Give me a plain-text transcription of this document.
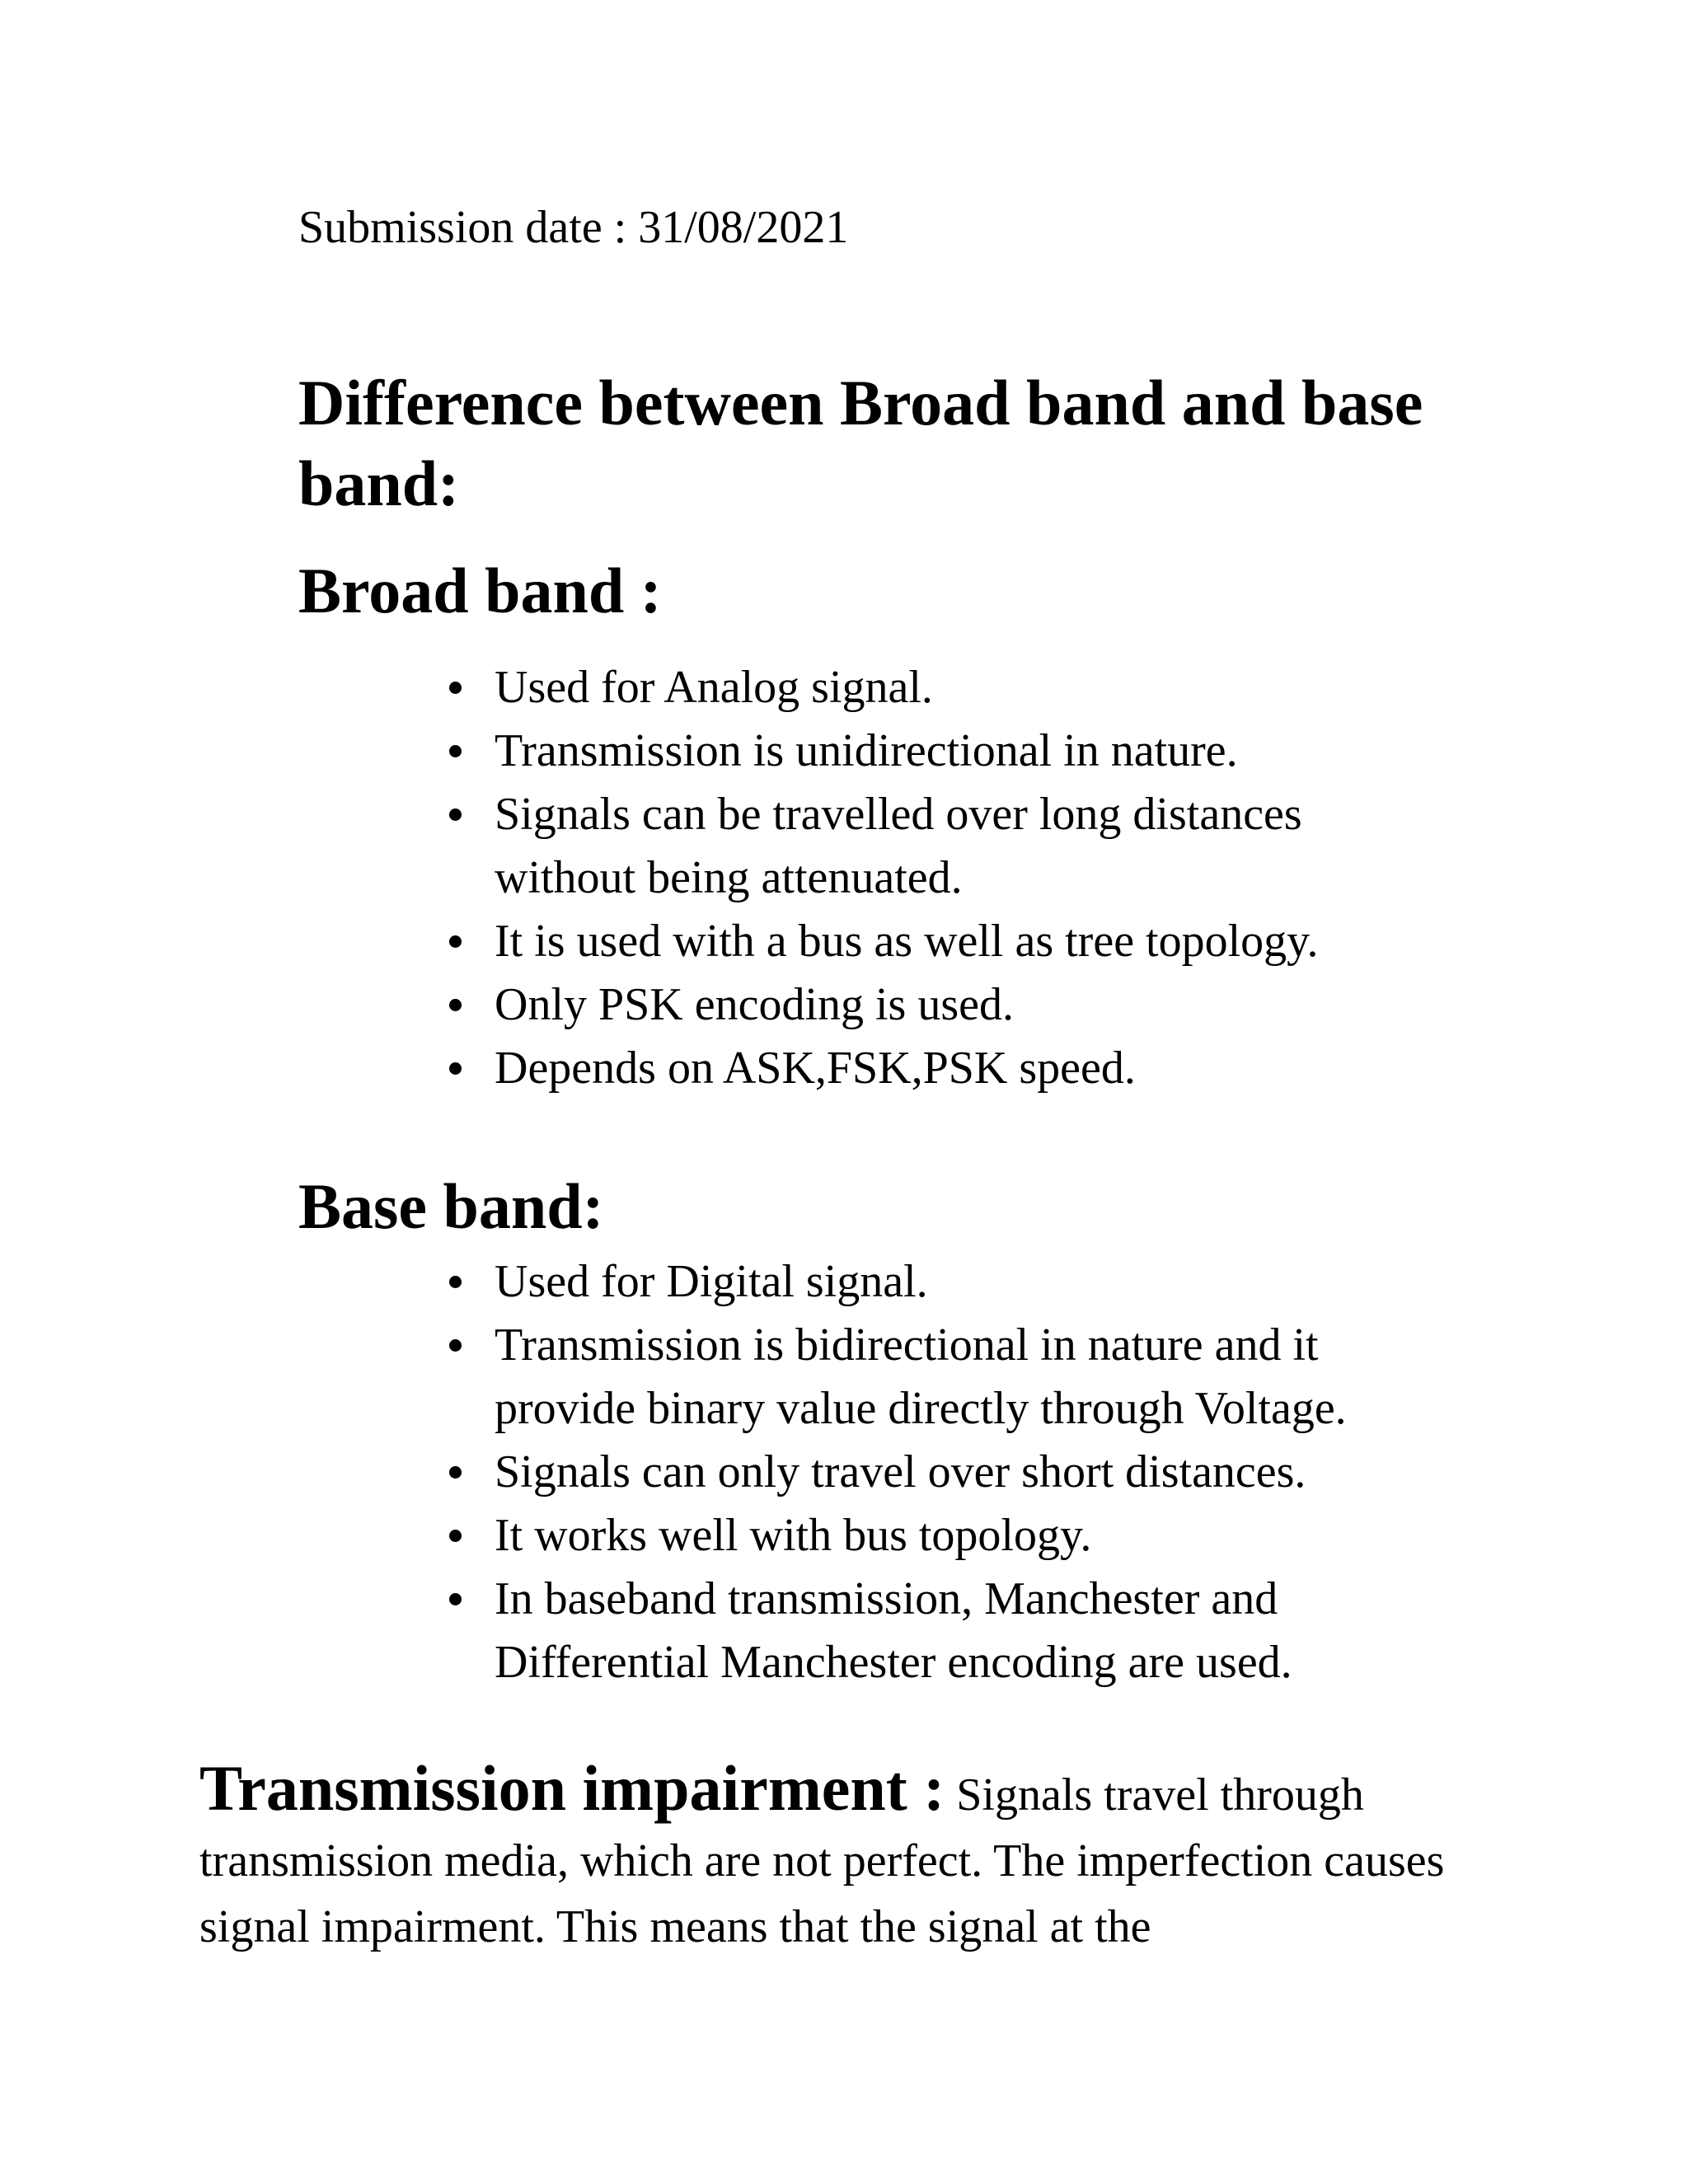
Submission date : 31/08/2021

Difference between Broad band and base band:
Broad band :
Used for Analog signal.
Transmission is unidirectional in nature.
Signals can be travelled over long distances without being attenuated.
It is used with a bus as well as tree topology.
Only PSK encoding is used.
Depends on ASK,FSK,PSK speed.
Base band:
Used for Digital signal.
Transmission is bidirectional in nature and it provide binary value directly through Voltage.
Signals can only travel over short distances.
It works well with bus topology.
In baseband transmission, Manchester and Differential Manchester encoding are used.

Transmission impairment : Signals travel through transmission media, which are not perfect. The imperfection causes signal impairment. This means that the signal at the
